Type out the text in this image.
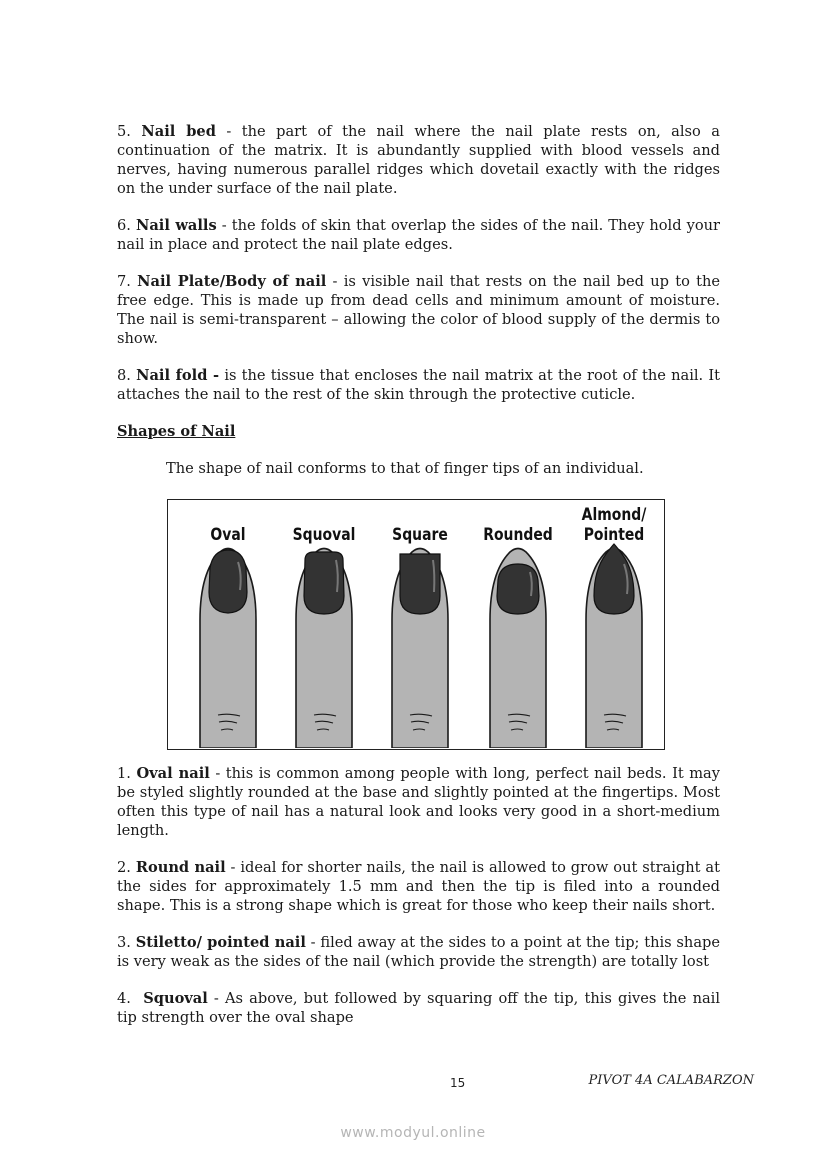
5. Nail bed - the part of the nail where the nail plate rests on, also a continuation of the matrix. It is abundantly supplied with blood vessels and nerves, having numerous parallel ridges which dovetail exactly with the ridges on the under surface of the nail plate.

6. Nail walls - the folds of skin that overlap the sides of the nail. They hold your nail in place and protect the nail plate edges.

7. Nail Plate/Body of nail - is visible nail that rests on the nail bed up to the free edge. This is made up from dead cells and minimum amount of moisture. The nail is semi-transparent – allowing the color of blood supply of the dermis to show.

8. Nail fold - is the tissue that encloses the nail matrix at the root of the nail. It attaches the nail to the rest of the skin through the protective cuticle.

Shapes of Nail

The shape of nail conforms to that of finger tips of an individual.

Oval	Squoval Square Rounded
Almond/
Pointed

1. Oval nail - this is common among people with long, perfect nail beds. It may be styled slightly rounded at the base and slightly pointed at the fingertips. Most often this type of nail has a natural look and looks very good in a short-medium length.

2. Round nail - ideal for shorter nails, the nail is allowed to grow out straight at the sides for approximately 1.5 mm and then the tip is filed into a rounded shape. This is a strong shape which is great for those who keep their nails short.

3. Stiletto/ pointed nail - filed away at the sides to a point at the tip; this shape is very weak as the sides of the nail (which provide the strength) are totally lost

4. Squoval - As above, but followed by squaring off the tip, this gives the nail tip strength over the oval shape

15	PIVOT 4A CALABARZON
www.modyul.online
